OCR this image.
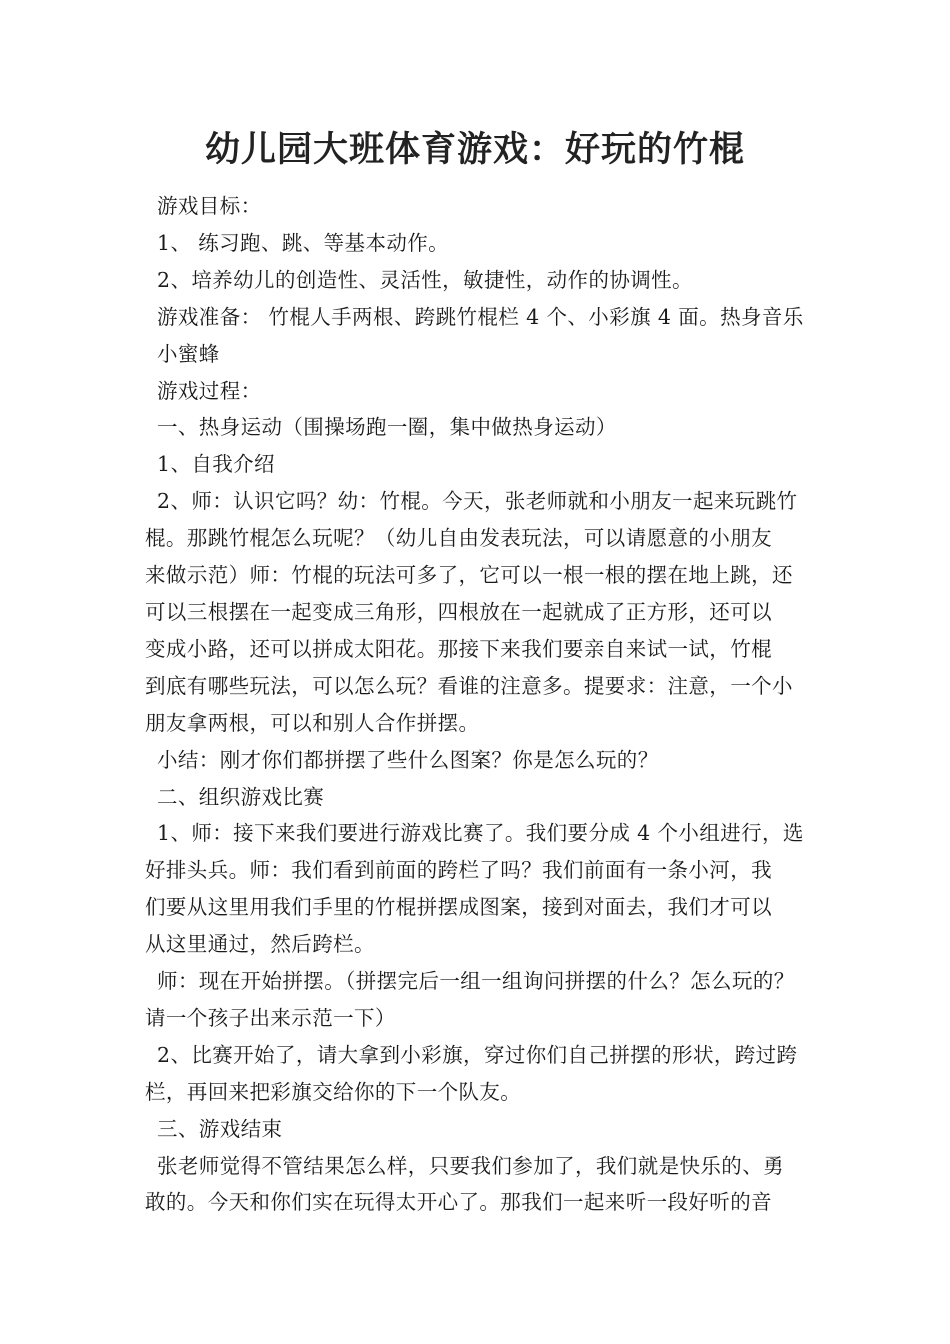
幼儿园大班体育游戏：好玩的竹棍

游戏目标：

1、 练习跑、跳、等基本动作。

2、培养幼儿的创造性、灵活性，敏捷性，动作的协调性。

游戏准备： 竹棍人手两根、跨跳竹棍栏 4 个、小彩旗 4 面。热身音乐

小蜜蜂

游戏过程：

一、热身运动（围操场跑一圈，集中做热身运动）

1、自我介绍

2、师：认识它吗？幼：竹棍。今天，张老师就和小朋友一起来玩跳竹

棍。那跳竹棍怎么玩呢？（幼儿自由发表玩法，可以请愿意的小朋友

来做示范）师：竹棍的玩法可多了，它可以一根一根的摆在地上跳，还

可以三根摆在一起变成三角形，四根放在一起就成了正方形，还可以

变成小路，还可以拼成太阳花。那接下来我们要亲自来试一试，竹棍

到底有哪些玩法，可以怎么玩？看谁的注意多。提要求：注意，一个小

朋友拿两根，可以和别人合作拼摆。

小结：刚才你们都拼摆了些什么图案？你是怎么玩的？

二、组织游戏比赛

1、师：接下来我们要进行游戏比赛了。我们要分成 4 个小组进行，选

好排头兵。师：我们看到前面的跨栏了吗？我们前面有一条小河，我

们要从这里用我们手里的竹棍拼摆成图案，接到对面去，我们才可以

从这里通过，然后跨栏。

师：现在开始拼摆。（拼摆完后一组一组询问拼摆的什么？怎么玩的？

请一个孩子出来示范一下）

2、比赛开始了，请大拿到小彩旗，穿过你们自己拼摆的形状，跨过跨

栏，再回来把彩旗交给你的下一个队友。

三、游戏结束

张老师觉得不管结果怎么样，只要我们参加了，我们就是快乐的、勇

敢的。今天和你们实在玩得太开心了。那我们一起来听一段好听的音
